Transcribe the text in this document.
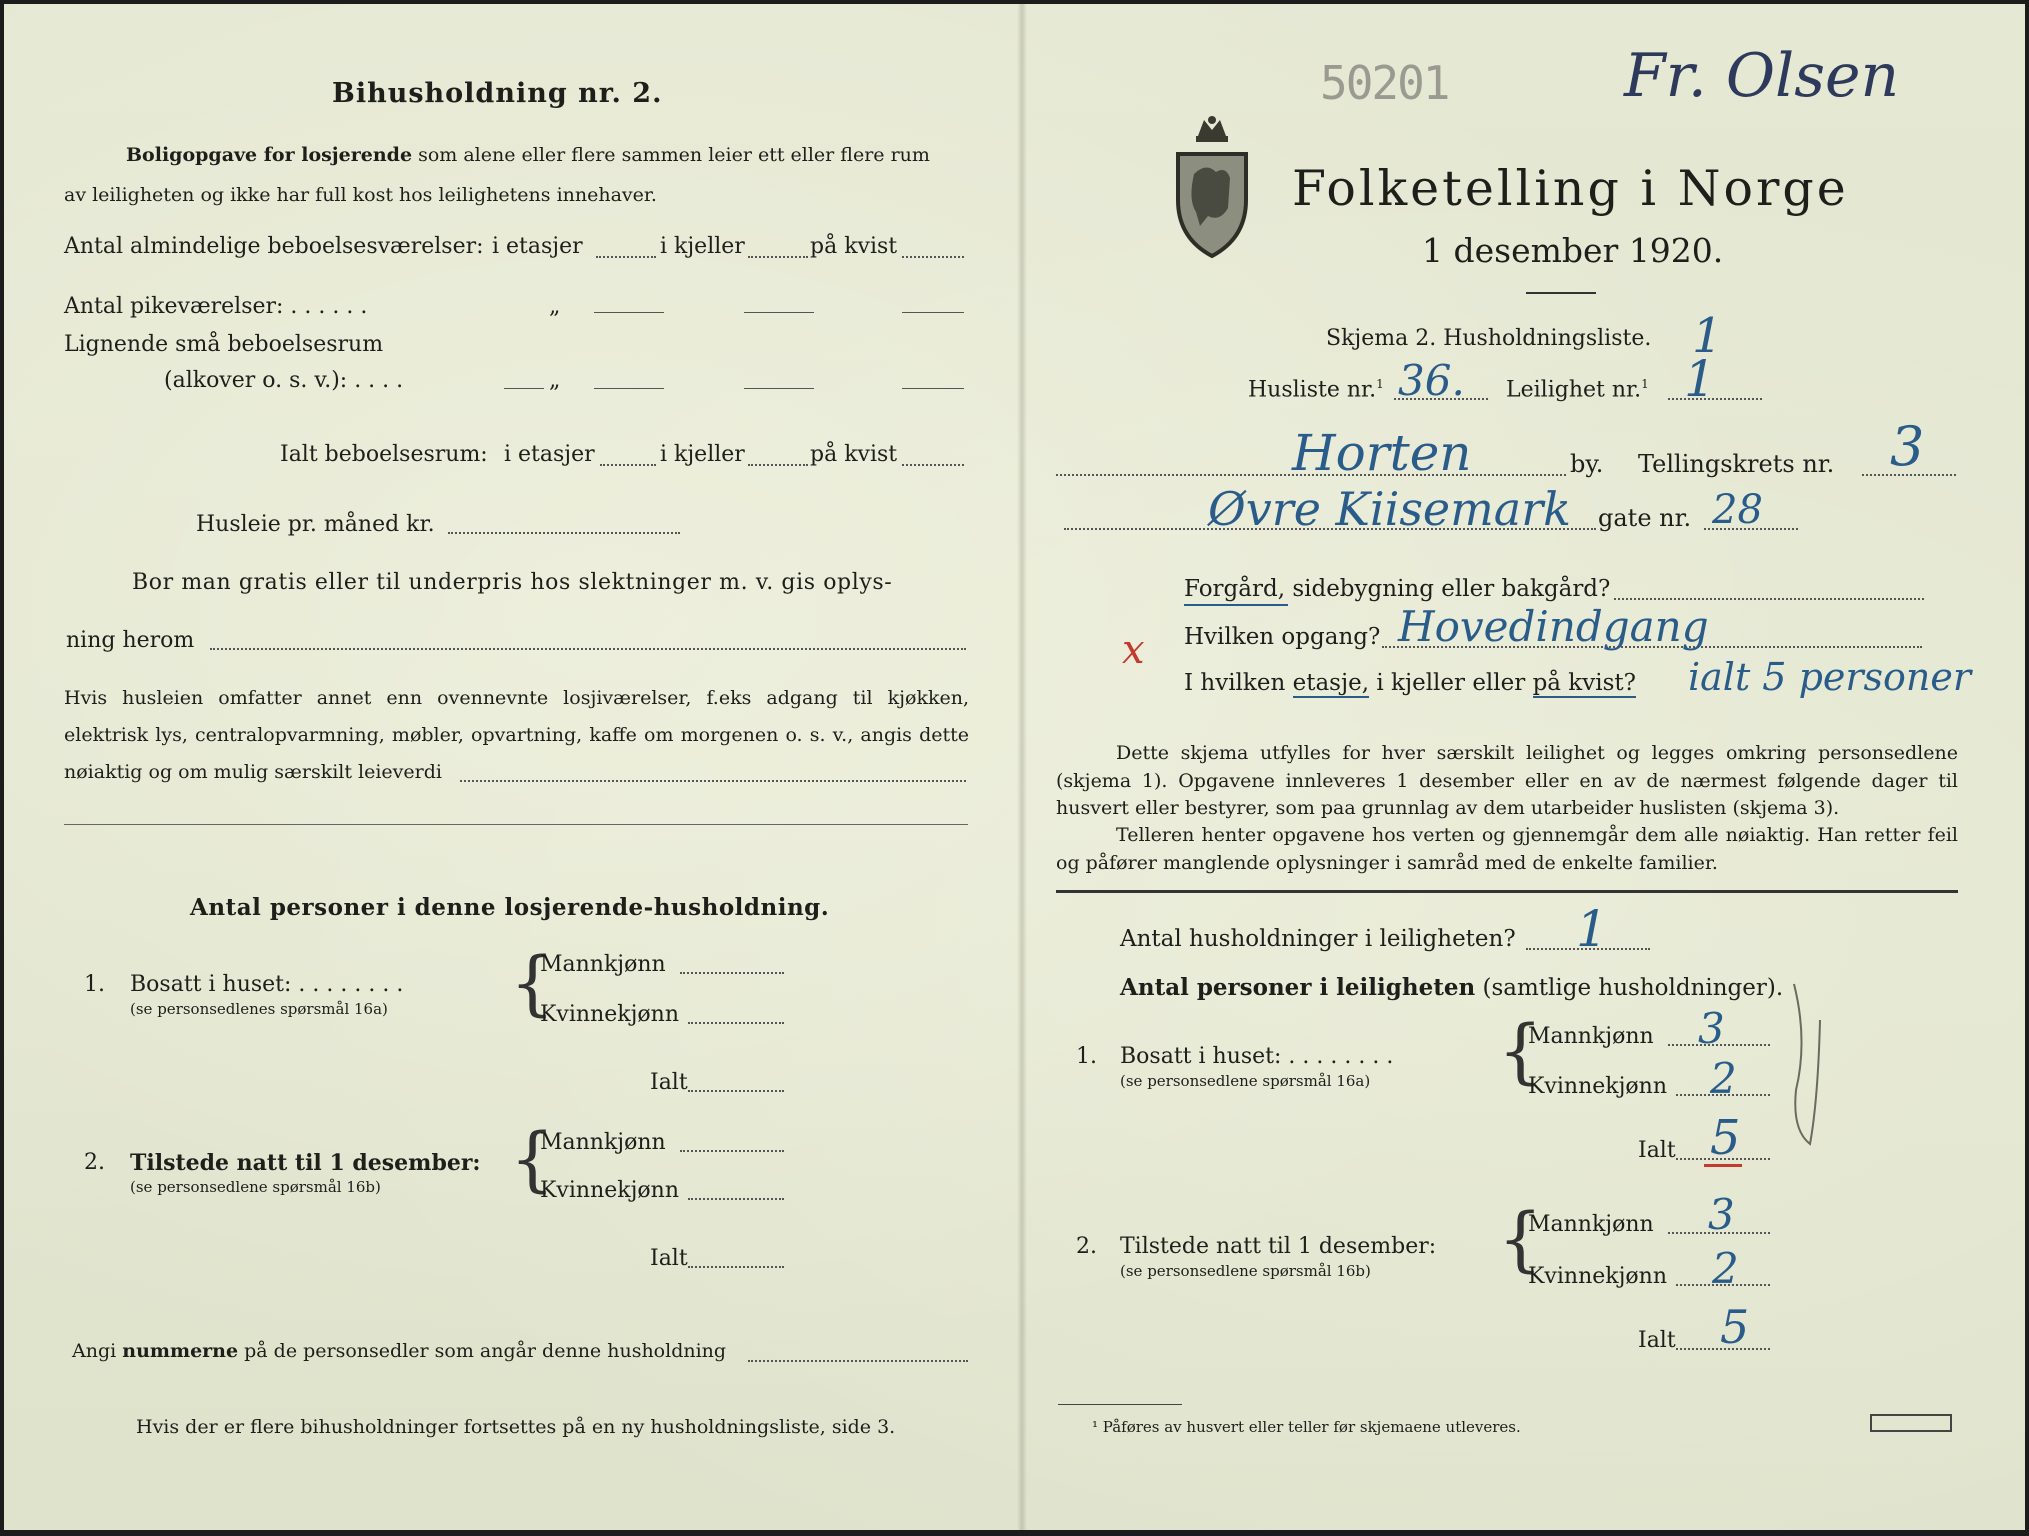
Bihusholdning nr. 2.
Boligopgave for losjerende som alene eller flere sammen leier ett eller flere rum
av leiligheten og ikke har full kost hos leilighetens innehaver.
Antal almindelige beboelsesværelser: i etasjer	i kjeller	på kvist
Antal pikeværelser: . . . . . .	„
Lignende små beboelsesrum
(alkover o. s. v.): . . . .	„
Ialt beboelsesrum: i etasjer	i kjeller	på kvist
Husleie pr. måned kr.
Bor man gratis eller til underpris hos slektninger m. v. gis oplys-
ning herom
Hvis husleien omfatter annet enn ovennevnte losjiværelser, f.eks adgang til kjøkken, elektrisk lys, centralopvarmning, møbler, opvartning, kaffe om morgenen o. s. v., angis dette nøiaktig og om mulig særskilt leieverdi
Antal personer i denne losjerende-husholdning.
1. Bosatt i huset: . . . . . . . .
(se personsedlenes spørsmål 16a) {
Mannkjønn
Kvinnekjønn
Ialt
2. Tilstede natt til 1 desember:
(se personsedlene spørsmål 16b) {
Mannkjønn
Kvinnekjønn
Ialt
Angi nummerne på de personsedler som angår denne husholdning
Hvis der er flere bihusholdninger fortsettes på en ny husholdningsliste, side 3.
50201	Fr. Olsen
Folketelling i Norge
1 desember 1920.
Skjema 2. Husholdningsliste. 1
Husliste nr.$^1$ 36. Leilighet nr.$^1$ 1
Horten	by. Tellingskrets nr. 3
Øvre Kiisemark gate nr. 28
Forgård, sidebygning eller bakgård?
x Hvilken opgang? Hovedindgang
I hvilken etasje, i kjeller eller på kvist? ialt 5 personer
Dette skjema utfylles for hver særskilt leilighet og legges omkring personsedlene (skjema 1). Opgavene innleveres 1 desember eller en av de nærmest følgende dager til husvert eller bestyrer, som paa grunnlag av dem utarbeider huslisten (skjema 3).
Telleren henter opgavene hos verten og gjennemgår dem alle nøiaktig. Han retter feil og påfører manglende oplysninger i samråd med de enkelte familier.
Antal husholdninger i leiligheten? 1
Antal personer i leiligheten (samtlige husholdninger).
1. Bosatt i huset: . . . . . . . .
(se personsedlene spørsmål 16a) {
Mannkjønn 3
Kvinnekjønn 2
Ialt 5
2. Tilstede natt til 1 desember:
(se personsedlene spørsmål 16b) {
Mannkjønn 3
Kvinnekjønn 2
Ialt 5
¹ Påføres av husvert eller teller før skjemaene utleveres.
